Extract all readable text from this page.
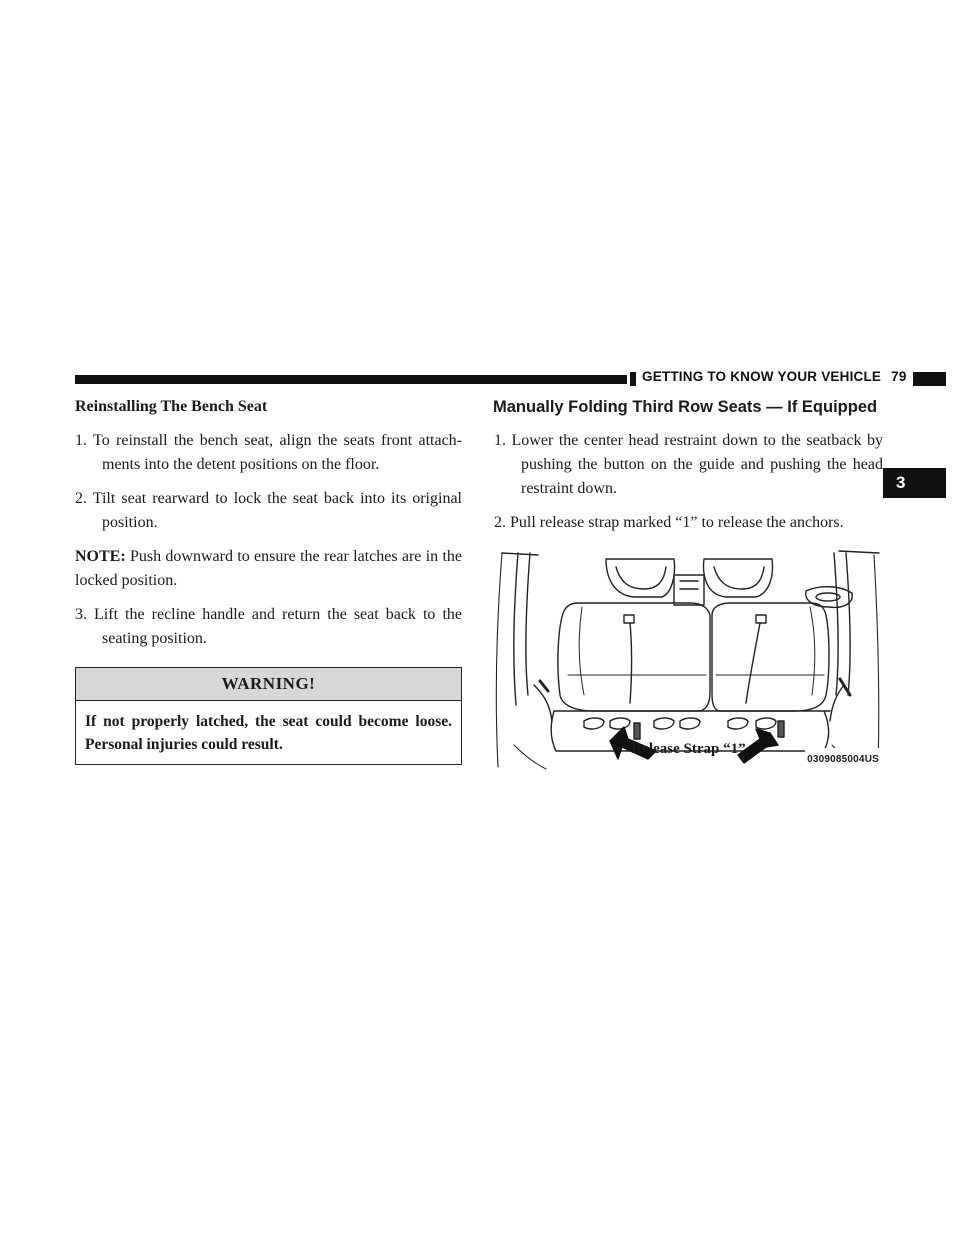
GETTING TO KNOW YOUR VEHICLE 79
3
Reinstalling The Bench Seat

1. To reinstall the bench seat, align the seats front attach-ments into the detent positions on the floor.

2. Tilt seat rearward to lock the seat back into its original position.

NOTE: Push downward to ensure the rear latches are in the locked position.

3. Lift the recline handle and return the seat back to the seating position.

WARNING!
If not properly latched, the seat could become loose. Personal injuries could result.
Manually Folding Third Row Seats — If Equipped

1. Lower the center head restraint down to the seatback by pushing the button on the guide and pushing the head restraint down.

2. Pull release strap marked “1” to release the anchors.

0309085004US
Release Strap “1”
